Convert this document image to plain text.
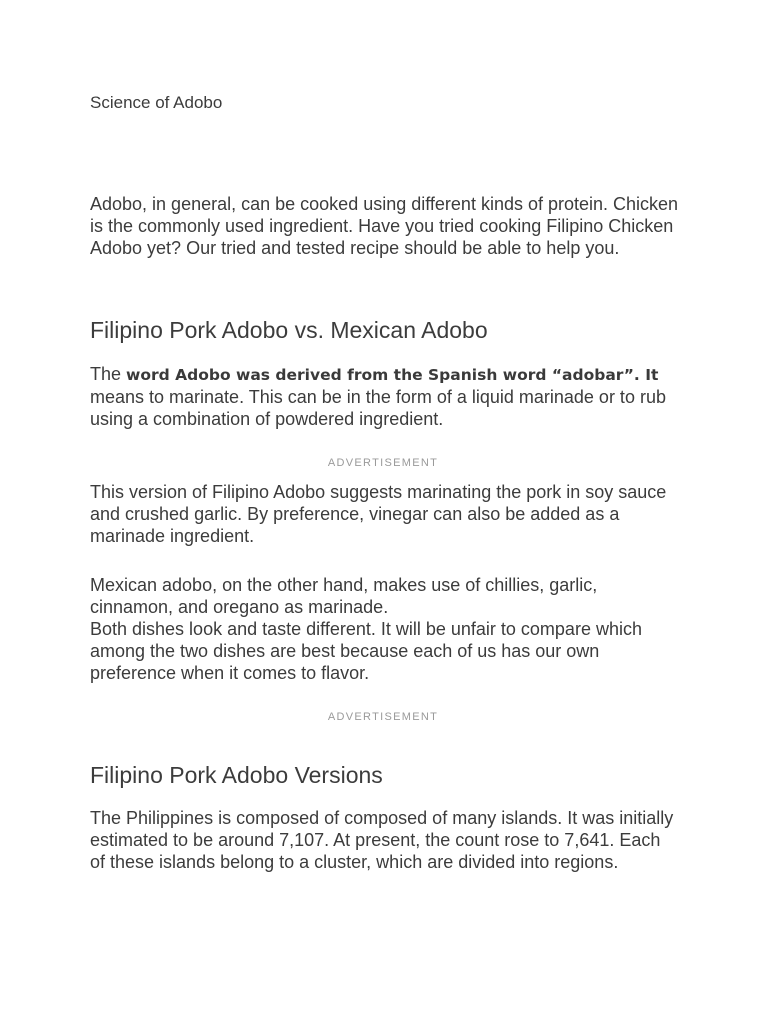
Science of Adobo

Adobo, in general, can be cooked using different kinds of protein. Chicken is the commonly used ingredient. Have you tried cooking Filipino Chicken Adobo yet? Our tried and tested recipe should be able to help you.

Filipino Pork Adobo vs. Mexican Adobo

The word Adobo was derived from the Spanish word “adobar”. It means to marinate. This can be in the form of a liquid marinade or to rub using a combination of powdered ingredient.

ADVERTISEMENT

This version of Filipino Adobo suggests marinating the pork in soy sauce and crushed garlic. By preference, vinegar can also be added as a marinade ingredient.

Mexican adobo, on the other hand, makes use of chillies, garlic, cinnamon, and oregano as marinade.

Both dishes look and taste different. It will be unfair to compare which among the two dishes are best because each of us has our own preference when it comes to flavor.

ADVERTISEMENT
Filipino Pork Adobo Versions

The Philippines is composed of composed of many islands. It was initially estimated to be around 7,107. At present, the count rose to 7,641. Each of these islands belong to a cluster, which are divided into regions.
